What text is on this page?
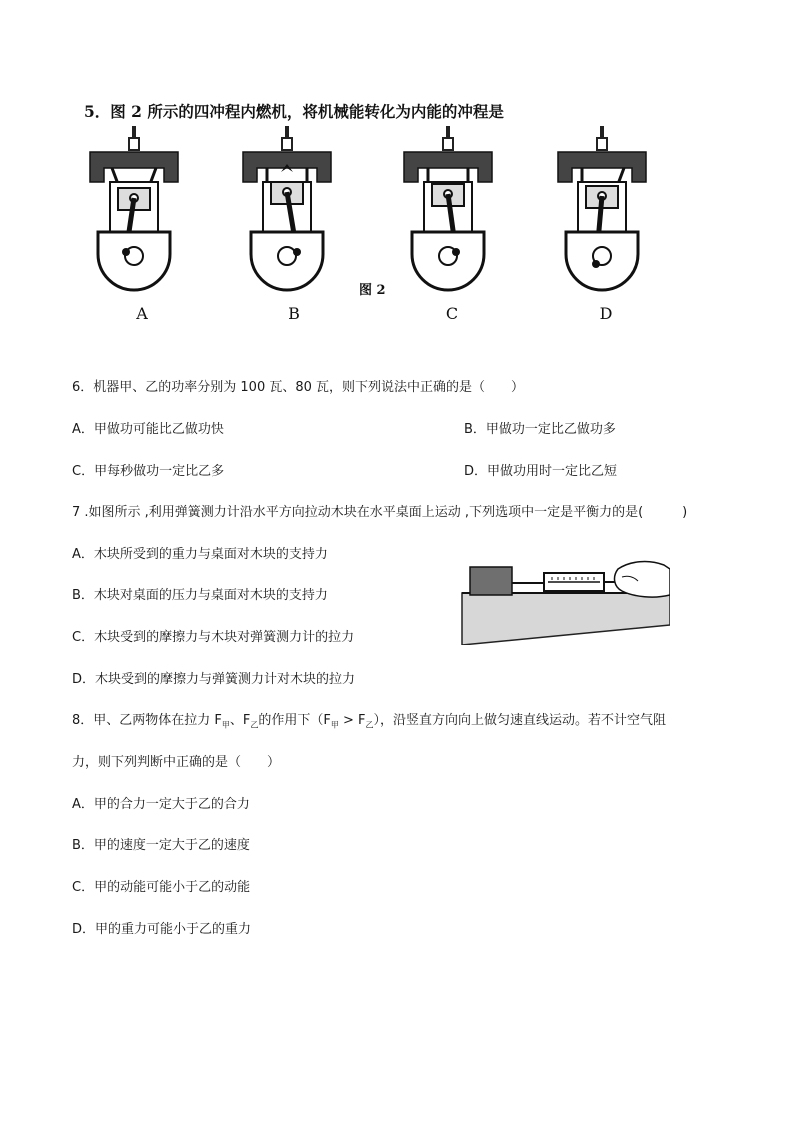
5．图 2 所示的四冲程内燃机，将机械能转化为内能的冲程是
A	B
图 2
C	D
6．机器甲、乙的功率分别为 100 瓦、80 瓦，则下列说法中正确的是（　　）
A．甲做功可能比乙做功快	B．甲做功一定比乙做功多
C．甲每秒做功一定比乙多	D．甲做功用时一定比乙短
7 .如图所示 ,利用弹簧测力计沿水平方向拉动木块在水平桌面上运动 ,下列选项中一定是平衡力的是(　　　)
A．木块所受到的重力与桌面对木块的支持力
B．木块对桌面的压力与桌面对木块的支持力
C．木块受到的摩擦力与木块对弹簧测力计的拉力
D．木块受到的摩擦力与弹簧测力计对木块的拉力
8．甲、乙两物体在拉力 $F_甲$、$F_乙$的作用下$(F_甲 > F_乙)$，沿竖直方向向上做匀速直线运动。若不计空气阻
力，则下列判断中正确的是（　　）
A．甲的合力一定大于乙的合力
B．甲的速度一定大于乙的速度
C．甲的动能可能小于乙的动能
D．甲的重力可能小于乙的重力
